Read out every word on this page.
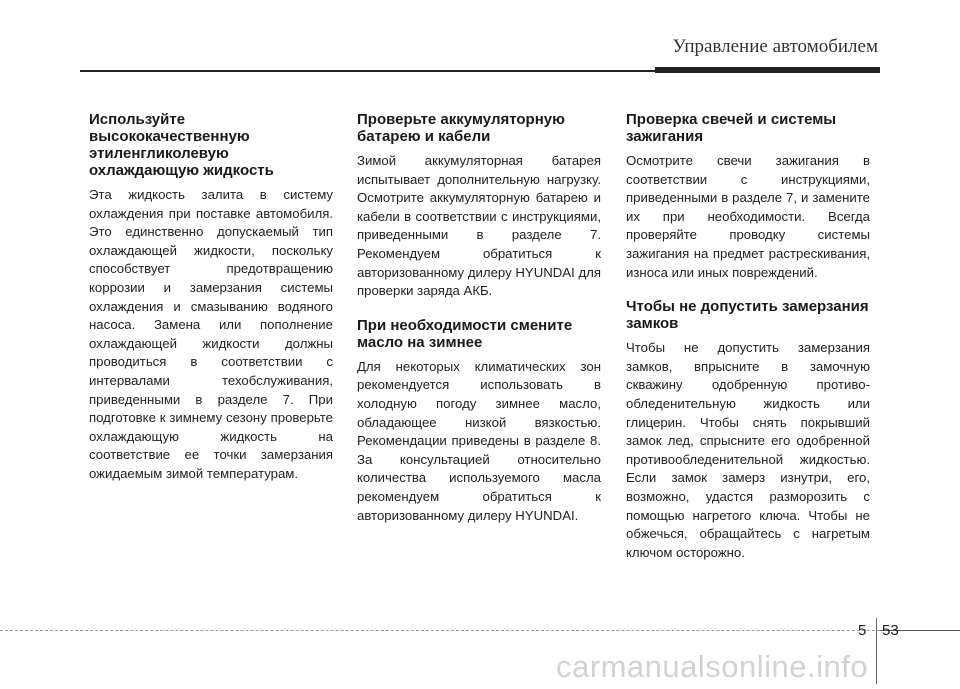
Управление автомобилем
Используйте высококачественную этиленгликолевую охлаждающую жидкость

Эта жидкость залита в систему охлаждения при поставке автомобиля. Это единственно допускаемый тип охлаждающей жидкости, поскольку способствует предотвращению коррозии и замерзания системы охлаждения и смазыванию водяного насоса. Замена или пополнение охлаждающей жидкости должны проводиться в соответствии с интервалами техобслуживания, приведенными в разделе 7. При подготовке к зимнему сезону проверьте охлаждающую жидкость на соответствие ее точки замерзания ожидаемым зимой температурам.

Проверьте аккумуляторную батарею и кабели

Зимой аккумуляторная батарея испытывает дополнительную нагрузку. Осмотрите аккумуляторную батарею и кабели в соответствии с инструкциями, приведенными в разделе 7. Рекомендуем обратиться к авторизованному дилеру HYUNDAI для проверки заряда АКБ.

При необходимости смените масло на зимнее

Для некоторых климатических зон рекомендуется использовать в холодную погоду зимнее масло, обладающее низкой вязкостью. Рекомендации приведены в разделе 8. За консультацией относительно количества используемого масла рекомендуем обратиться к авторизованному дилеру HYUNDAI.

Проверка свечей и системы зажигания

Осмотрите свечи зажигания в соответствии с инструкциями, приведенными в разделе 7, и замените их при необходимости. Всегда проверяйте проводку системы зажигания на предмет растрескивания, износа или иных повреждений.

Чтобы не допустить замерзания замков

Чтобы не допустить замерзания замков, впрысните в замочную скважину одобренную противо-обледенительную жидкость или глицерин. Чтобы снять покрывший замок лед, спрысните его одобренной противообледенительной жидкостью. Если замок замерз изнутри, его, возможно, удастся разморозить с помощью нагретого ключа. Чтобы не обжечься, обращайтесь с нагретым ключом осторожно.

5 53
carmanualsonline.info
